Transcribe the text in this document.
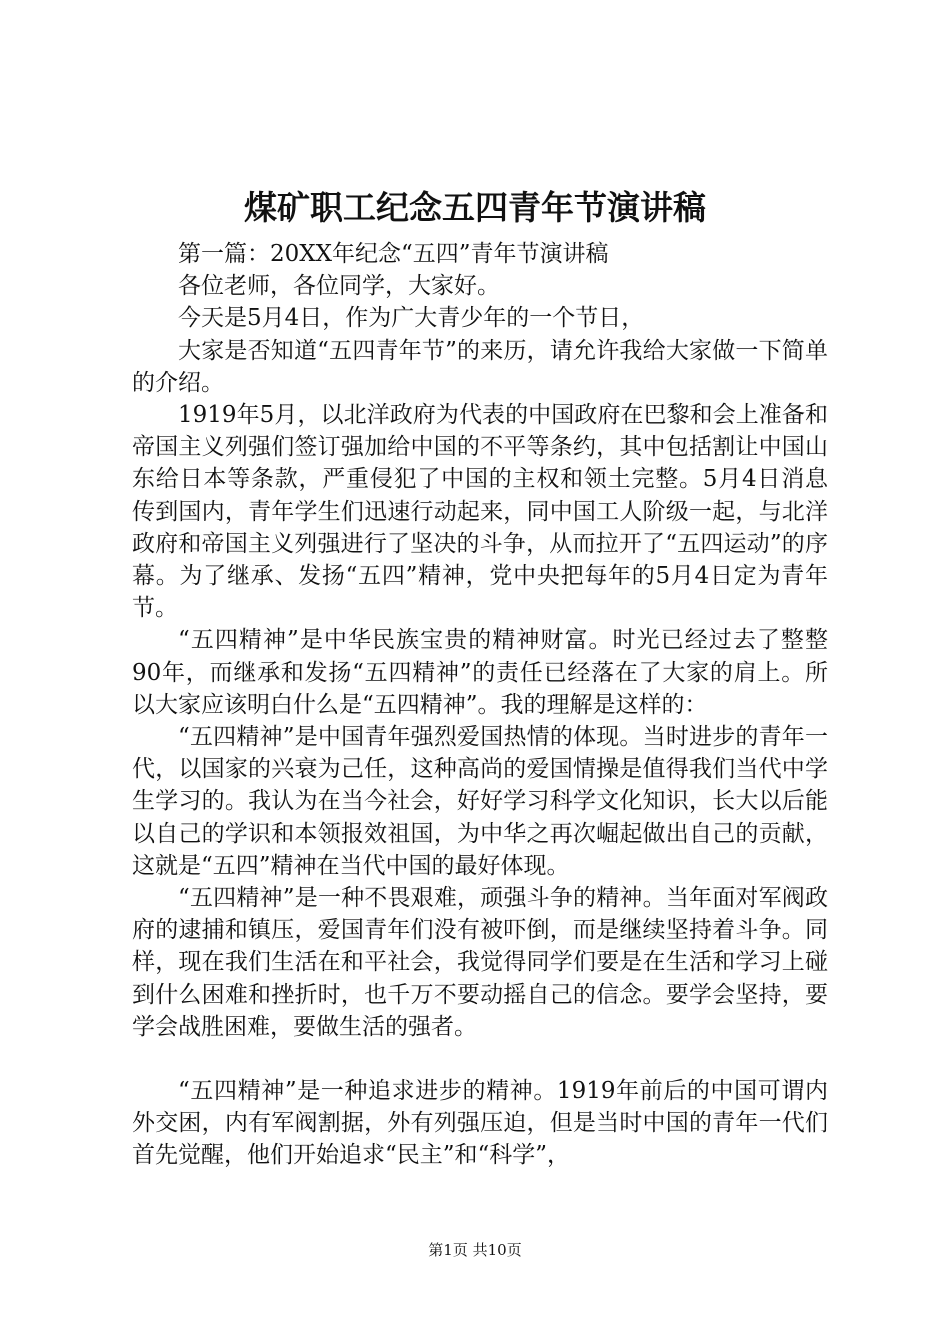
煤矿职工纪念五四青年节演讲稿

第一篇：20XX年纪念“五四”青年节演讲稿

各位老师，各位同学，大家好。

今天是5月4日，作为广大青少年的一个节日，

大家是否知道“五四青年节”的来历，请允许我给大家做一下简单的介绍。

1919年5月，以北洋政府为代表的中国政府在巴黎和会上准备和帝国主义列强们签订强加给中国的不平等条约，其中包括割让中国山东给日本等条款，严重侵犯了中国的主权和领土完整。5月4日消息传到国内，青年学生们迅速行动起来，同中国工人阶级一起，与北洋政府和帝国主义列强进行了坚决的斗争，从而拉开了“五四运动”的序幕。为了继承、发扬“五四”精神，党中央把每年的5月4日定为青年节。

“五四精神”是中华民族宝贵的精神财富。时光已经过去了整整90年，而继承和发扬“五四精神”的责任已经落在了大家的肩上。所以大家应该明白什么是“五四精神”。我的理解是这样的：

“五四精神”是中国青年强烈爱国热情的体现。当时进步的青年一代，以国家的兴衰为己任，这种高尚的爱国情操是值得我们当代中学生学习的。我认为在当今社会，好好学习科学文化知识，长大以后能以自己的学识和本领报效祖国，为中华之再次崛起做出自己的贡献，这就是“五四”精神在当代中国的最好体现。

“五四精神”是一种不畏艰难，顽强斗争的精神。当年面对军阀政府的逮捕和镇压，爱国青年们没有被吓倒，而是继续坚持着斗争。同样，现在我们生活在和平社会，我觉得同学们要是在生活和学习上碰到什么困难和挫折时，也千万不要动摇自己的信念。要学会坚持，要学会战胜困难，要做生活的强者。

“五四精神”是一种追求进步的精神。1919年前后的中国可谓内外交困，内有军阀割据，外有列强压迫，但是当时中国的青年一代们首先觉醒，他们开始追求“民主”和“科学”，

第1页 共10页
